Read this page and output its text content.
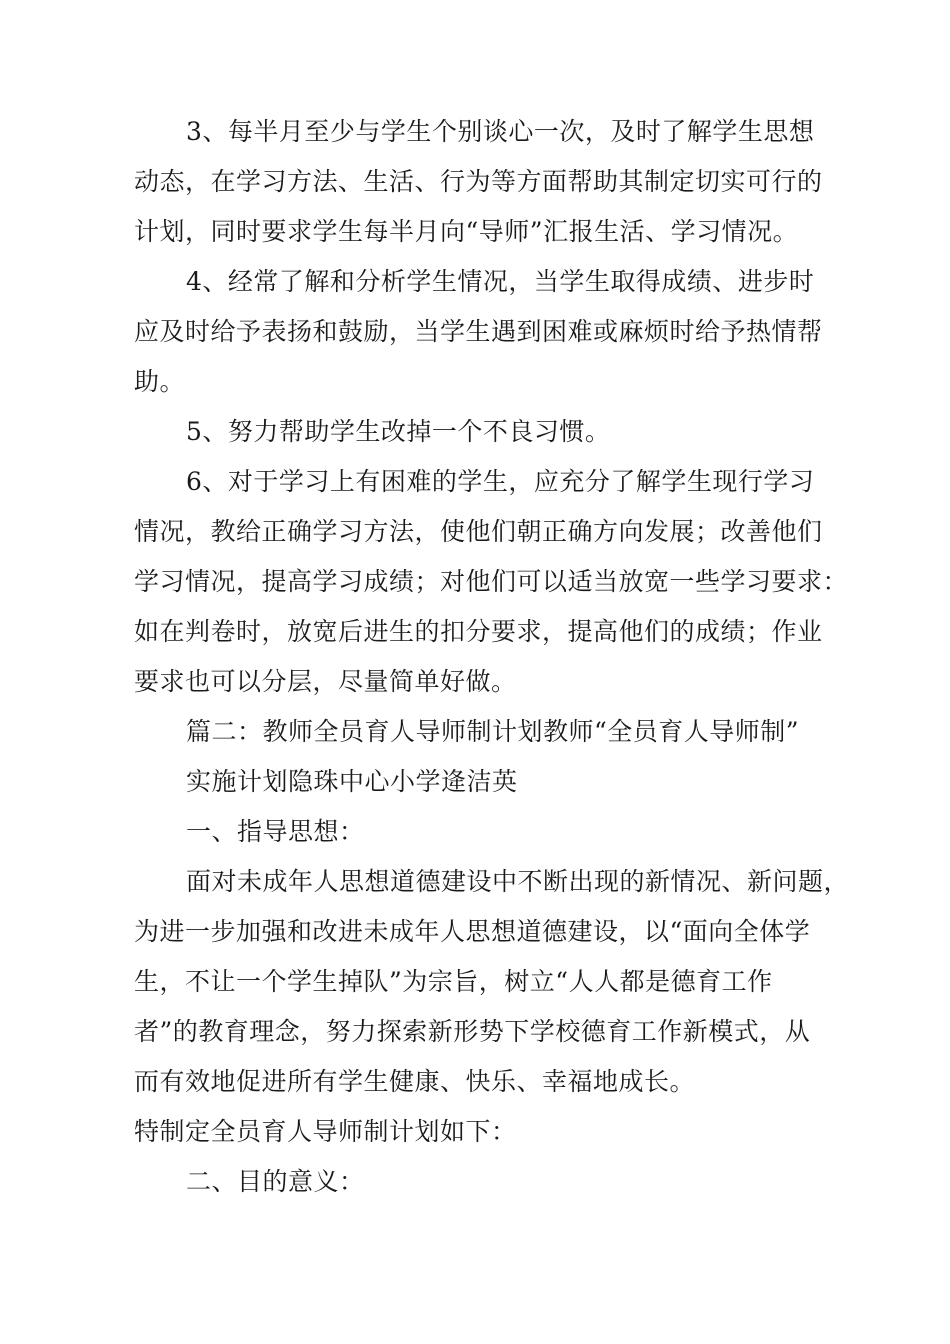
3、每半月至少与学生个别谈心一次，及时了解学生思想
动态，在学习方法、生活、行为等方面帮助其制定切实可行的
计划，同时要求学生每半月向“导师”汇报生活、学习情况。
4、经常了解和分析学生情况，当学生取得成绩、进步时
应及时给予表扬和鼓励，当学生遇到困难或麻烦时给予热情帮
助。
5、努力帮助学生改掉一个不良习惯。
6、对于学习上有困难的学生，应充分了解学生现行学习
情况，教给正确学习方法，使他们朝正确方向发展；改善他们
学习情况，提高学习成绩；对他们可以适当放宽一些学习要求：
如在判卷时，放宽后进生的扣分要求，提高他们的成绩；作业
要求也可以分层，尽量简单好做。
篇二：教师全员育人导师制计划教师“全员育人导师制”
实施计划隐珠中心小学逄洁英
一、指导思想：
面对未成年人思想道德建设中不断出现的新情况、新问题，
为进一步加强和改进未成年人思想道德建设，以“面向全体学
生，不让一个学生掉队”为宗旨，树立“人人都是德育工作
者”的教育理念，努力探索新形势下学校德育工作新模式，从
而有效地促进所有学生健康、快乐、幸福地成长。
特制定全员育人导师制计划如下：
二、目的意义：
